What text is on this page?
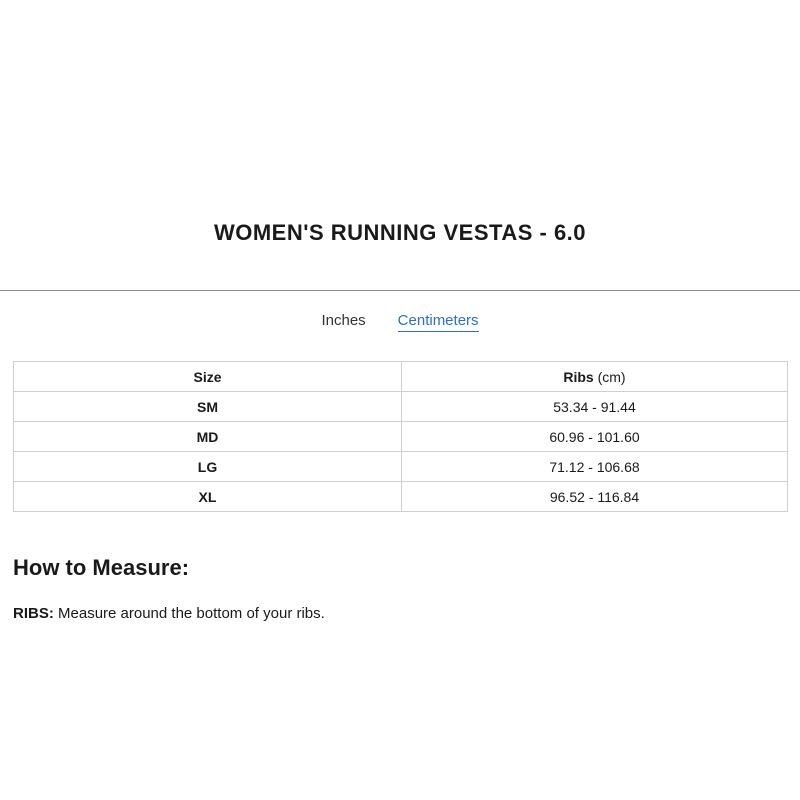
WOMEN'S RUNNING VESTAS - 6.0
Inches Centimeters
Size	Ribs (cm)
SM	53.34 - 91.44
MD	60.96 - 101.60
LG	71.12 - 106.68
XL	96.52 - 116.84
How to Measure:

RIBS: Measure around the bottom of your ribs.
